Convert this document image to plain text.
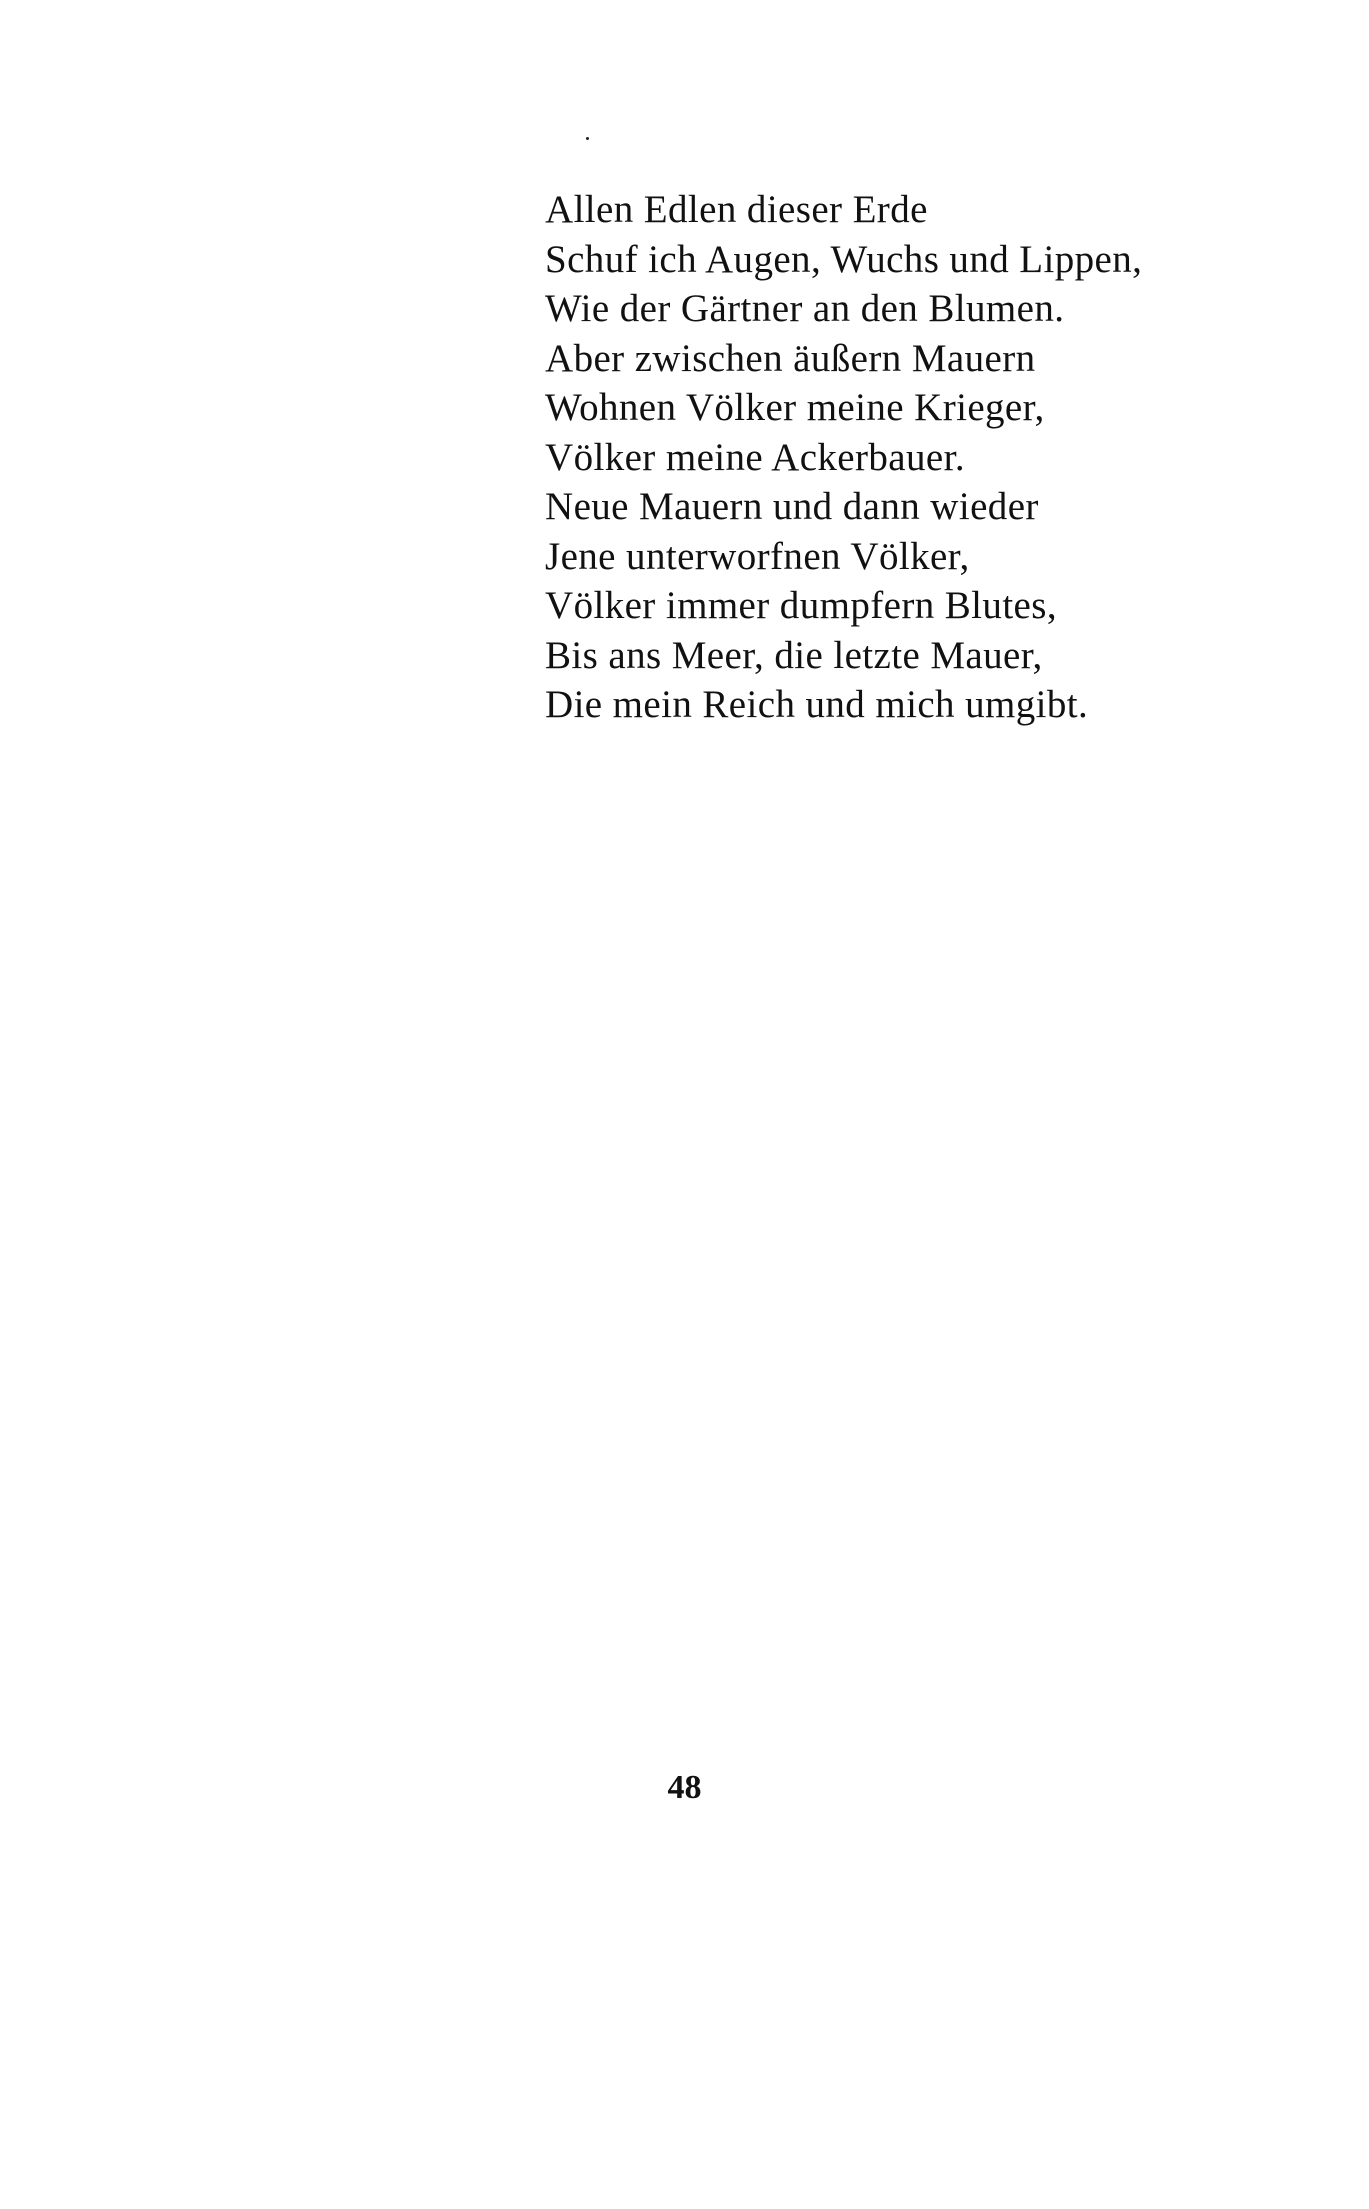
Allen Edlen dieser Erde
Schuf ich Augen, Wuchs und Lippen,
Wie der Gärtner an den Blumen.
Aber zwischen äußern Mauern
Wohnen Völker meine Krieger,
Völker meine Ackerbauer.
Neue Mauern und dann wieder
Jene unterworfnen Völker,
Völker immer dumpfern Blutes,
Bis ans Meer, die letzte Mauer,
Die mein Reich und mich umgibt.
48
